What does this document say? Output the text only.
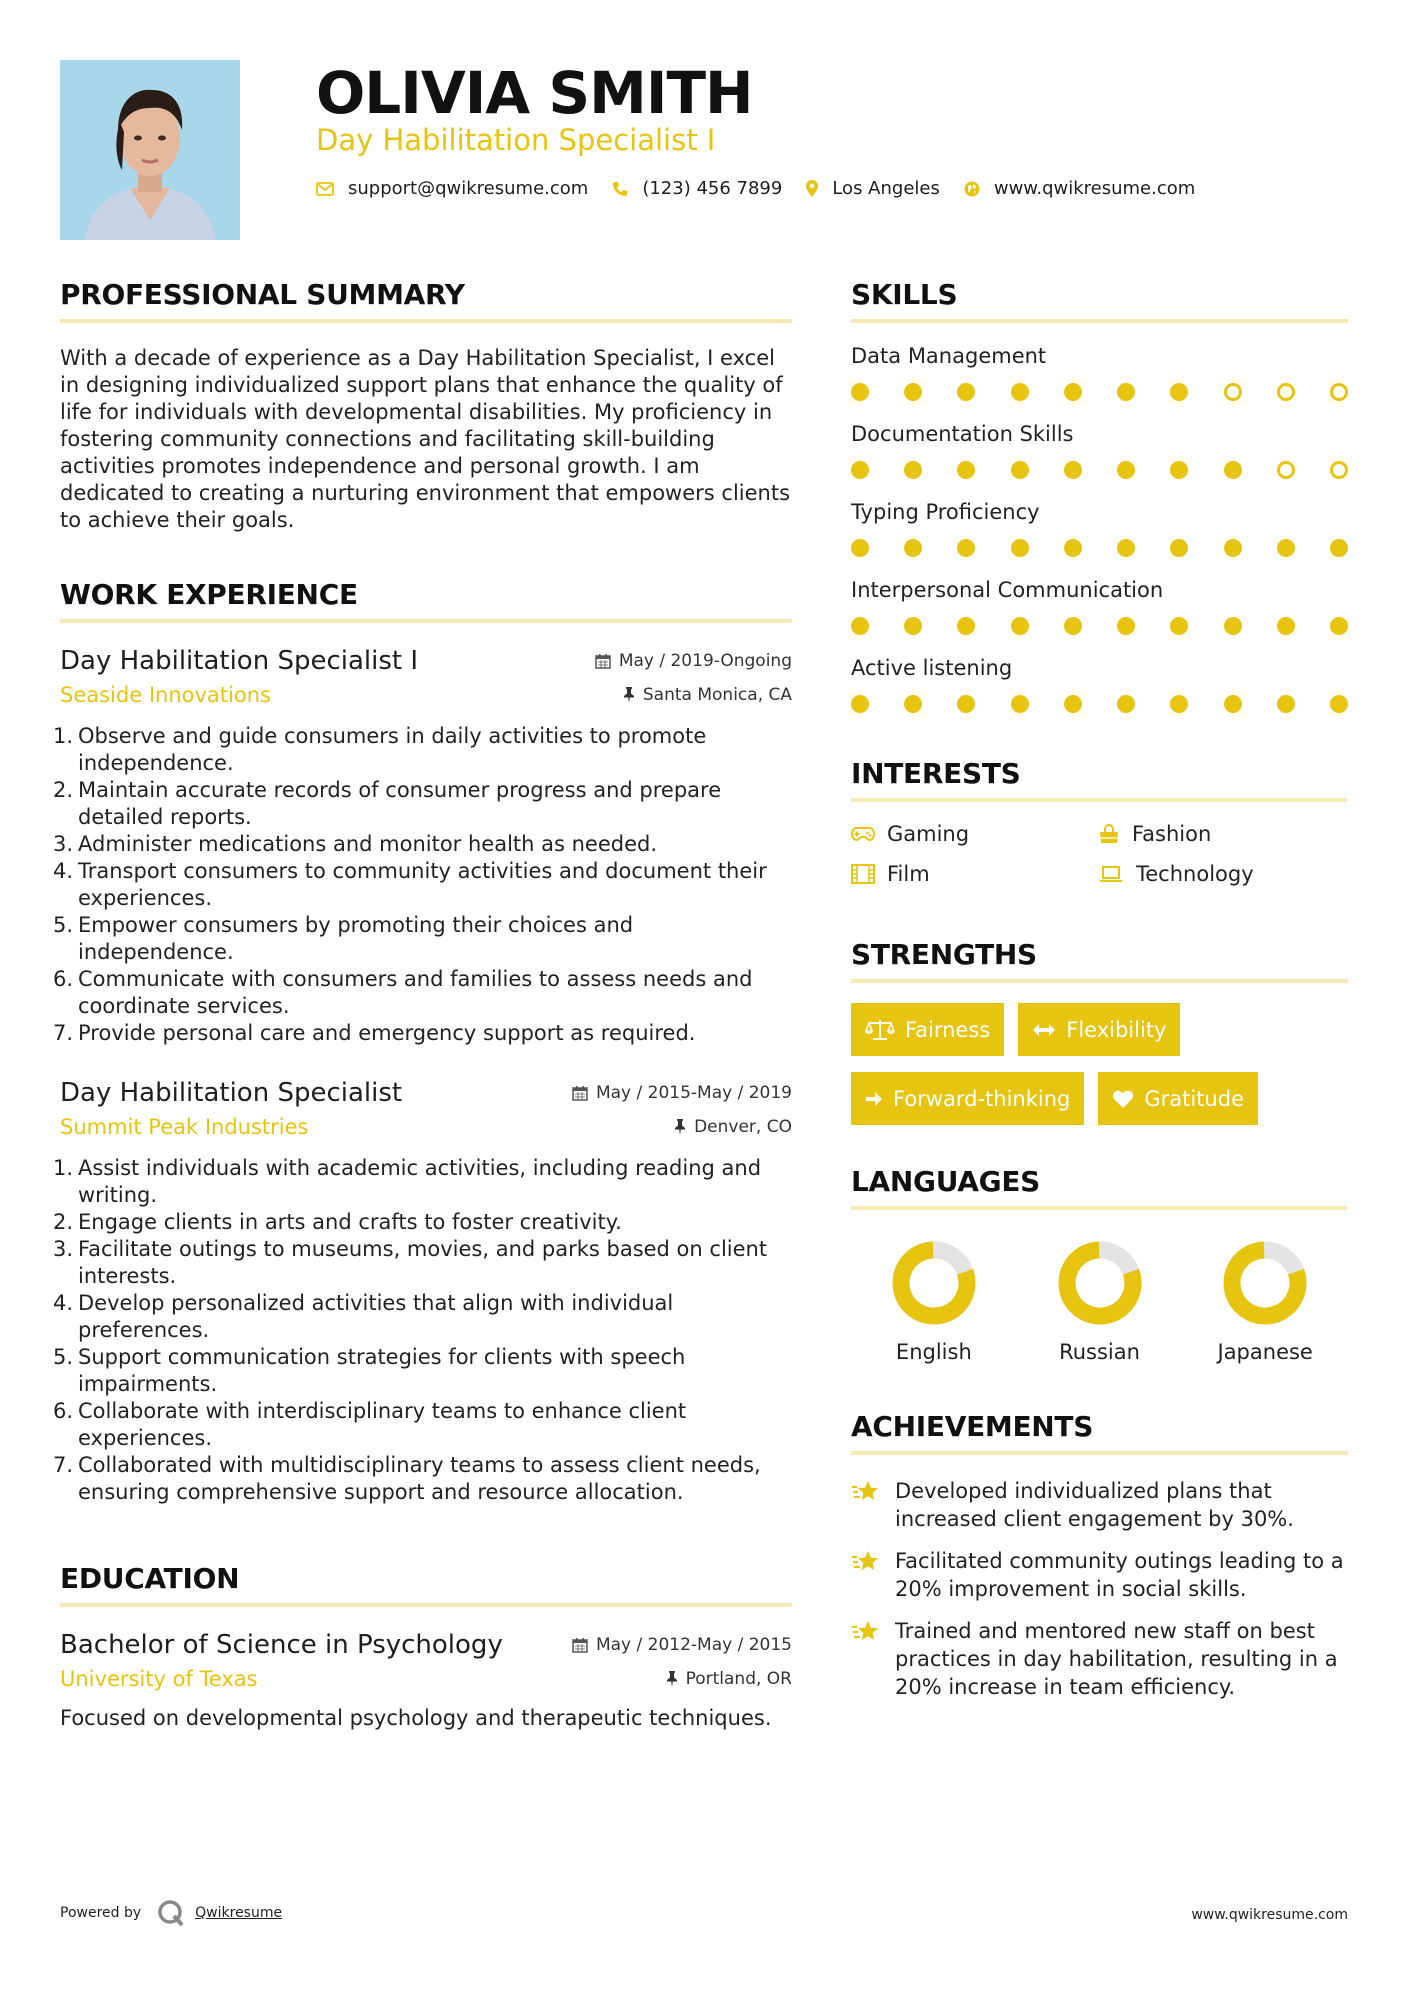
OLIVIA SMITH
Day Habilitation Specialist I
support@qwikresume.com	(123) 456 7899	Los Angeles	www.qwikresume.com
PROFESSIONAL SUMMARY

With a decade of experience as a Day Habilitation Specialist, I excel in designing individualized support plans that enhance the quality of life for individuals with developmental disabilities. My proficiency in fostering community connections and facilitating skill-building activities promotes independence and personal growth. I am dedicated to creating a nurturing environment that empowers clients to achieve their goals.

WORK EXPERIENCE
Day Habilitation Specialist I	May / 2019-Ongoing
Seaside Innovations	Santa Monica, CA
1. Observe and guide consumers in daily activities to promote independence.
2. Maintain accurate records of consumer progress and prepare detailed reports.
3. Administer medications and monitor health as needed.
4. Transport consumers to community activities and document their experiences.
5. Empower consumers by promoting their choices and independence.
6. Communicate with consumers and families to assess needs and coordinate services.
7. Provide personal care and emergency support as required.
Day Habilitation Specialist	May / 2015-May / 2019
Summit Peak Industries	Denver, CO
1. Assist individuals with academic activities, including reading and writing.
2. Engage clients in arts and crafts to foster creativity.
3. Facilitate outings to museums, movies, and parks based on client interests.
4. Develop personalized activities that align with individual preferences.
5. Support communication strategies for clients with speech impairments.
6. Collaborate with interdisciplinary teams to enhance client experiences.
7. Collaborated with multidisciplinary teams to assess client needs, ensuring comprehensive support and resource allocation.
EDUCATION
Bachelor of Science in Psychology	May / 2012-May / 2015
University of Texas	Portland, OR

Focused on developmental psychology and therapeutic techniques.

SKILLS
Data Management
Documentation Skills
Typing Proficiency
Interpersonal Communication
Active listening
INTERESTS
Gaming	Fashion
Film	Technology
STRENGTHS
Fairness	Flexibility
Forward-thinking	Gratitude
LANGUAGES
English	Russian	Japanese
ACHIEVEMENTS
Developed individualized plans that increased client engagement by 30%.
Facilitated community outings leading to a 20% improvement in social skills.
Trained and mentored new staff on best practices in day habilitation, resulting in a 20% increase in team efficiency.
Powered by	Qwikresume	www.qwikresume.com
